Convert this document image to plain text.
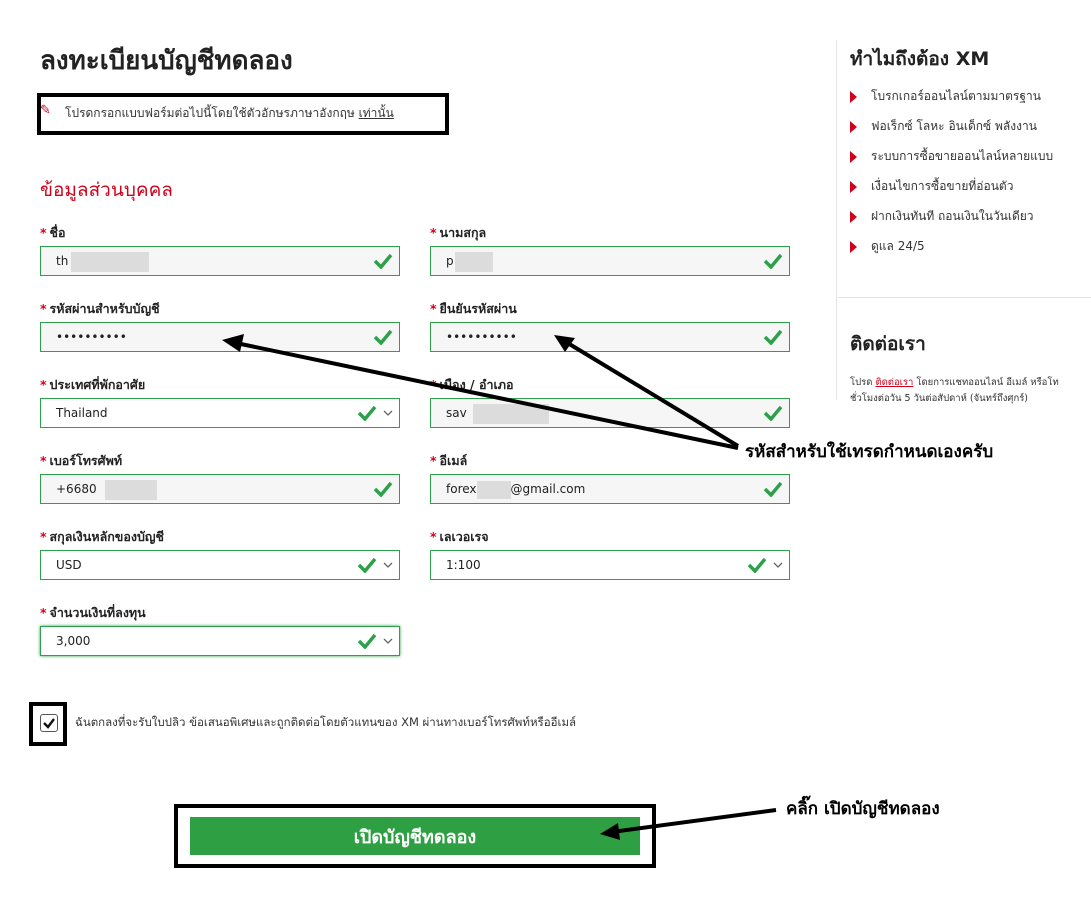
ลงทะเบียนบัญชีทดลอง
✎ โปรดกรอกแบบฟอร์มต่อไปนี้โดยใช้ตัวอักษรภาษาอังกฤษ เท่านั้น
ข้อมูลส่วนบุคคล
* ชื่อ
th
* นามสกุล
p
* รหัสผ่านสำหรับบัญชี
••••••••••
* ยืนยันรหัสผ่าน
••••••••••
* ประเทศที่พักอาศัย
Thailand
* เมือง / อำเภอ
sav
* เบอร์โทรศัพท์
+6680
* อีเมล์
forex	@gmail.com
* สกุลเงินหลักของบัญชี
USD
* เลเวอเรจ
1:100
* จำนวนเงินที่ลงทุน
3,000
ฉันตกลงที่จะรับใบปลิว ข้อเสนอพิเศษและถูกติดต่อโดยตัวแทนของ XM ผ่านทางเบอร์โทรศัพท์หรืออีเมล์
เปิดบัญชีทดลอง
ทำไมถึงต้อง XM
โบรกเกอร์ออนไลน์ตามมาตรฐาน
ฟอเร็กซ์ โลหะ อินเด็กซ์ พลังงาน
ระบบการซื้อขายออนไลน์หลายแบบ
เงื่อนไขการซื้อขายที่อ่อนตัว
ฝากเงินทันที ถอนเงินในวันเดียว
ดูแล 24/5
ติดต่อเรา
โปรด ติดต่อเรา โดยการแชทออนไลน์ อีเมล์ หรือโท
ชั่วโมงต่อวัน 5 วันต่อสัปดาห์ (จันทร์ถึงศุกร์)
รหัสสำหรับใช้เทรดกำหนดเองครับ
คลิ๊ก เปิดบัญชีทดลอง
